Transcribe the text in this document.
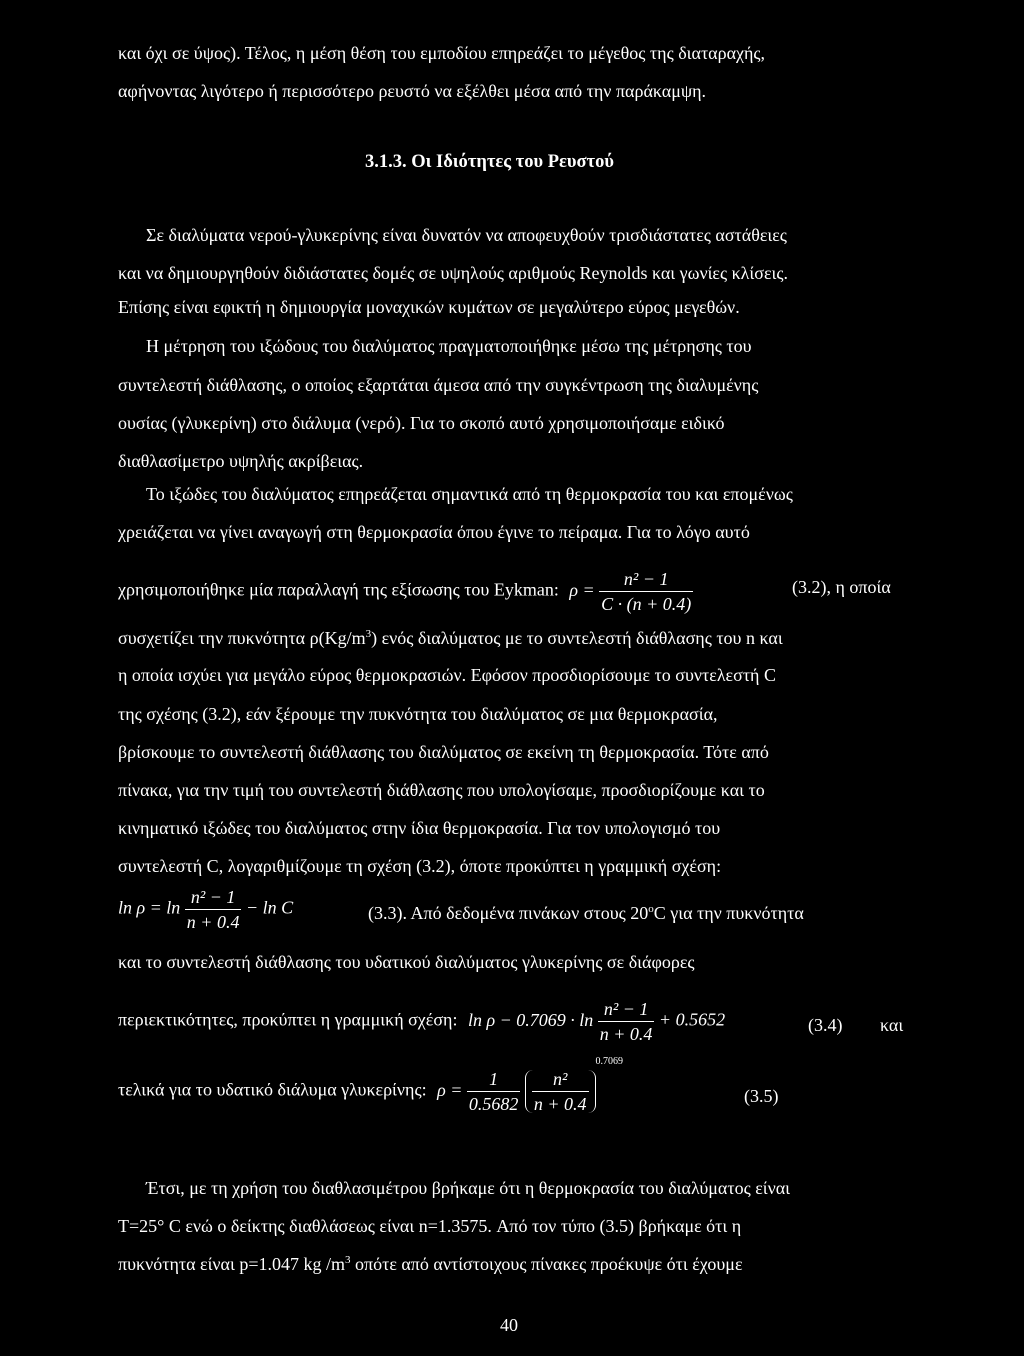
και όχι σε ύψος). Τέλος, η μέση θέση του εμποδίου επηρεάζει το μέγεθος της διαταραχής,
αφήνοντας λιγότερο ή περισσότερο ρευστό να εξέλθει μέσα από την παράκαμψη.
3.1.3. Οι Ιδιότητες του Ρευστού
Σε διαλύματα νερού-γλυκερίνης είναι δυνατόν να αποφευχθούν τρισδιάστατες αστάθειες
και να δημιουργηθούν διδιάστατες δομές σε υψηλούς αριθμούς Reynolds και γωνίες κλίσεις.
Επίσης είναι εφικτή η δημιουργία μοναχικών κυμάτων σε μεγαλύτερο εύρος μεγεθών.
Η μέτρηση του ιξώδους του διαλύματος πραγματοποιήθηκε μέσω της μέτρησης του
συντελεστή διάθλασης, ο οποίος εξαρτάται άμεσα από την συγκέντρωση της διαλυμένης
ουσίας (γλυκερίνη) στο διάλυμα (νερό). Για το σκοπό αυτό χρησιμοποιήσαμε ειδικό
διαθλασίμετρο υψηλής ακρίβειας.
Το ιξώδες του διαλύματος επηρεάζεται σημαντικά από τη θερμοκρασία του και επομένως
χρειάζεται να γίνει αναγωγή στη θερμοκρασία όπου έγινε το πείραμα. Για το λόγο αυτό
χρησιμοποιήθηκε μία παραλλαγή της εξίσωσης του Eykman: $\rho = \frac{\text{n² − 1}}{C \cdot (n + 0.4)}$	(3.2), η οποία
συσχετίζει την πυκνότητα $\rho(Kg/m^3)$ ενός διαλύματος με το συντελεστή διάθλασης του n και
η οποία ισχύει για μεγάλο εύρος θερμοκρασιών. Εφόσον προσδιορίσουμε το συντελεστή C
της σχέσης (3.2), εάν ξέρουμε την πυκνότητα του διαλύματος σε μια θερμοκρασία,
βρίσκουμε το συντελεστή διάθλασης του διαλύματος σε εκείνη τη θερμοκρασία. Τότε από
πίνακα, για την τιμή του συντελεστή διάθλασης που υπολογίσαμε, προσδιορίζουμε και το
κινηματικό ιξώδες του διαλύματος στην ίδια θερμοκρασία. Για τον υπολογισμό του
συντελεστή C, λογαριθμίζουμε τη σχέση (3.2), όποτε προκύπτει η γραμμική σχέση:
$\ln \rho = \ln \frac{\text{n² − 1}}{n + 0.4} - \ln C$	(3.3). Από δεδομένα πινάκων στους 20$^o$C για την πυκνότητα
και το συντελεστή διάθλασης του υδατικού διαλύματος γλυκερίνης σε διάφορες
περιεκτικότητες, προκύπτει η γραμμική σχέση: $\ln \rho - 0.7069 \cdot \ln \frac{\text{n² − 1}}{n + 0.4} + 0.5652$	(3.4) και
τελικά για το υδατικό διάλυμα γλυκερίνης: $\rho = \frac{1}{0.5682}$
$\frac{\text{n²}}{n + 0.4}$
$^{0.7069}$
(3.5)
Έτσι, με τη χρήση του διαθλασιμέτρου βρήκαμε ότι η θερμοκρασία του διαλύματος είναι
T=25° C ενώ ο δείκτης διαθλάσεως είναι n=1.3575. Από τον τύπο (3.5) βρήκαμε ότι η
πυκνότητα είναι p=1.047 kg $/m^3$ οπότε από αντίστοιχους πίνακες προέκυψε ότι έχουμε
40
